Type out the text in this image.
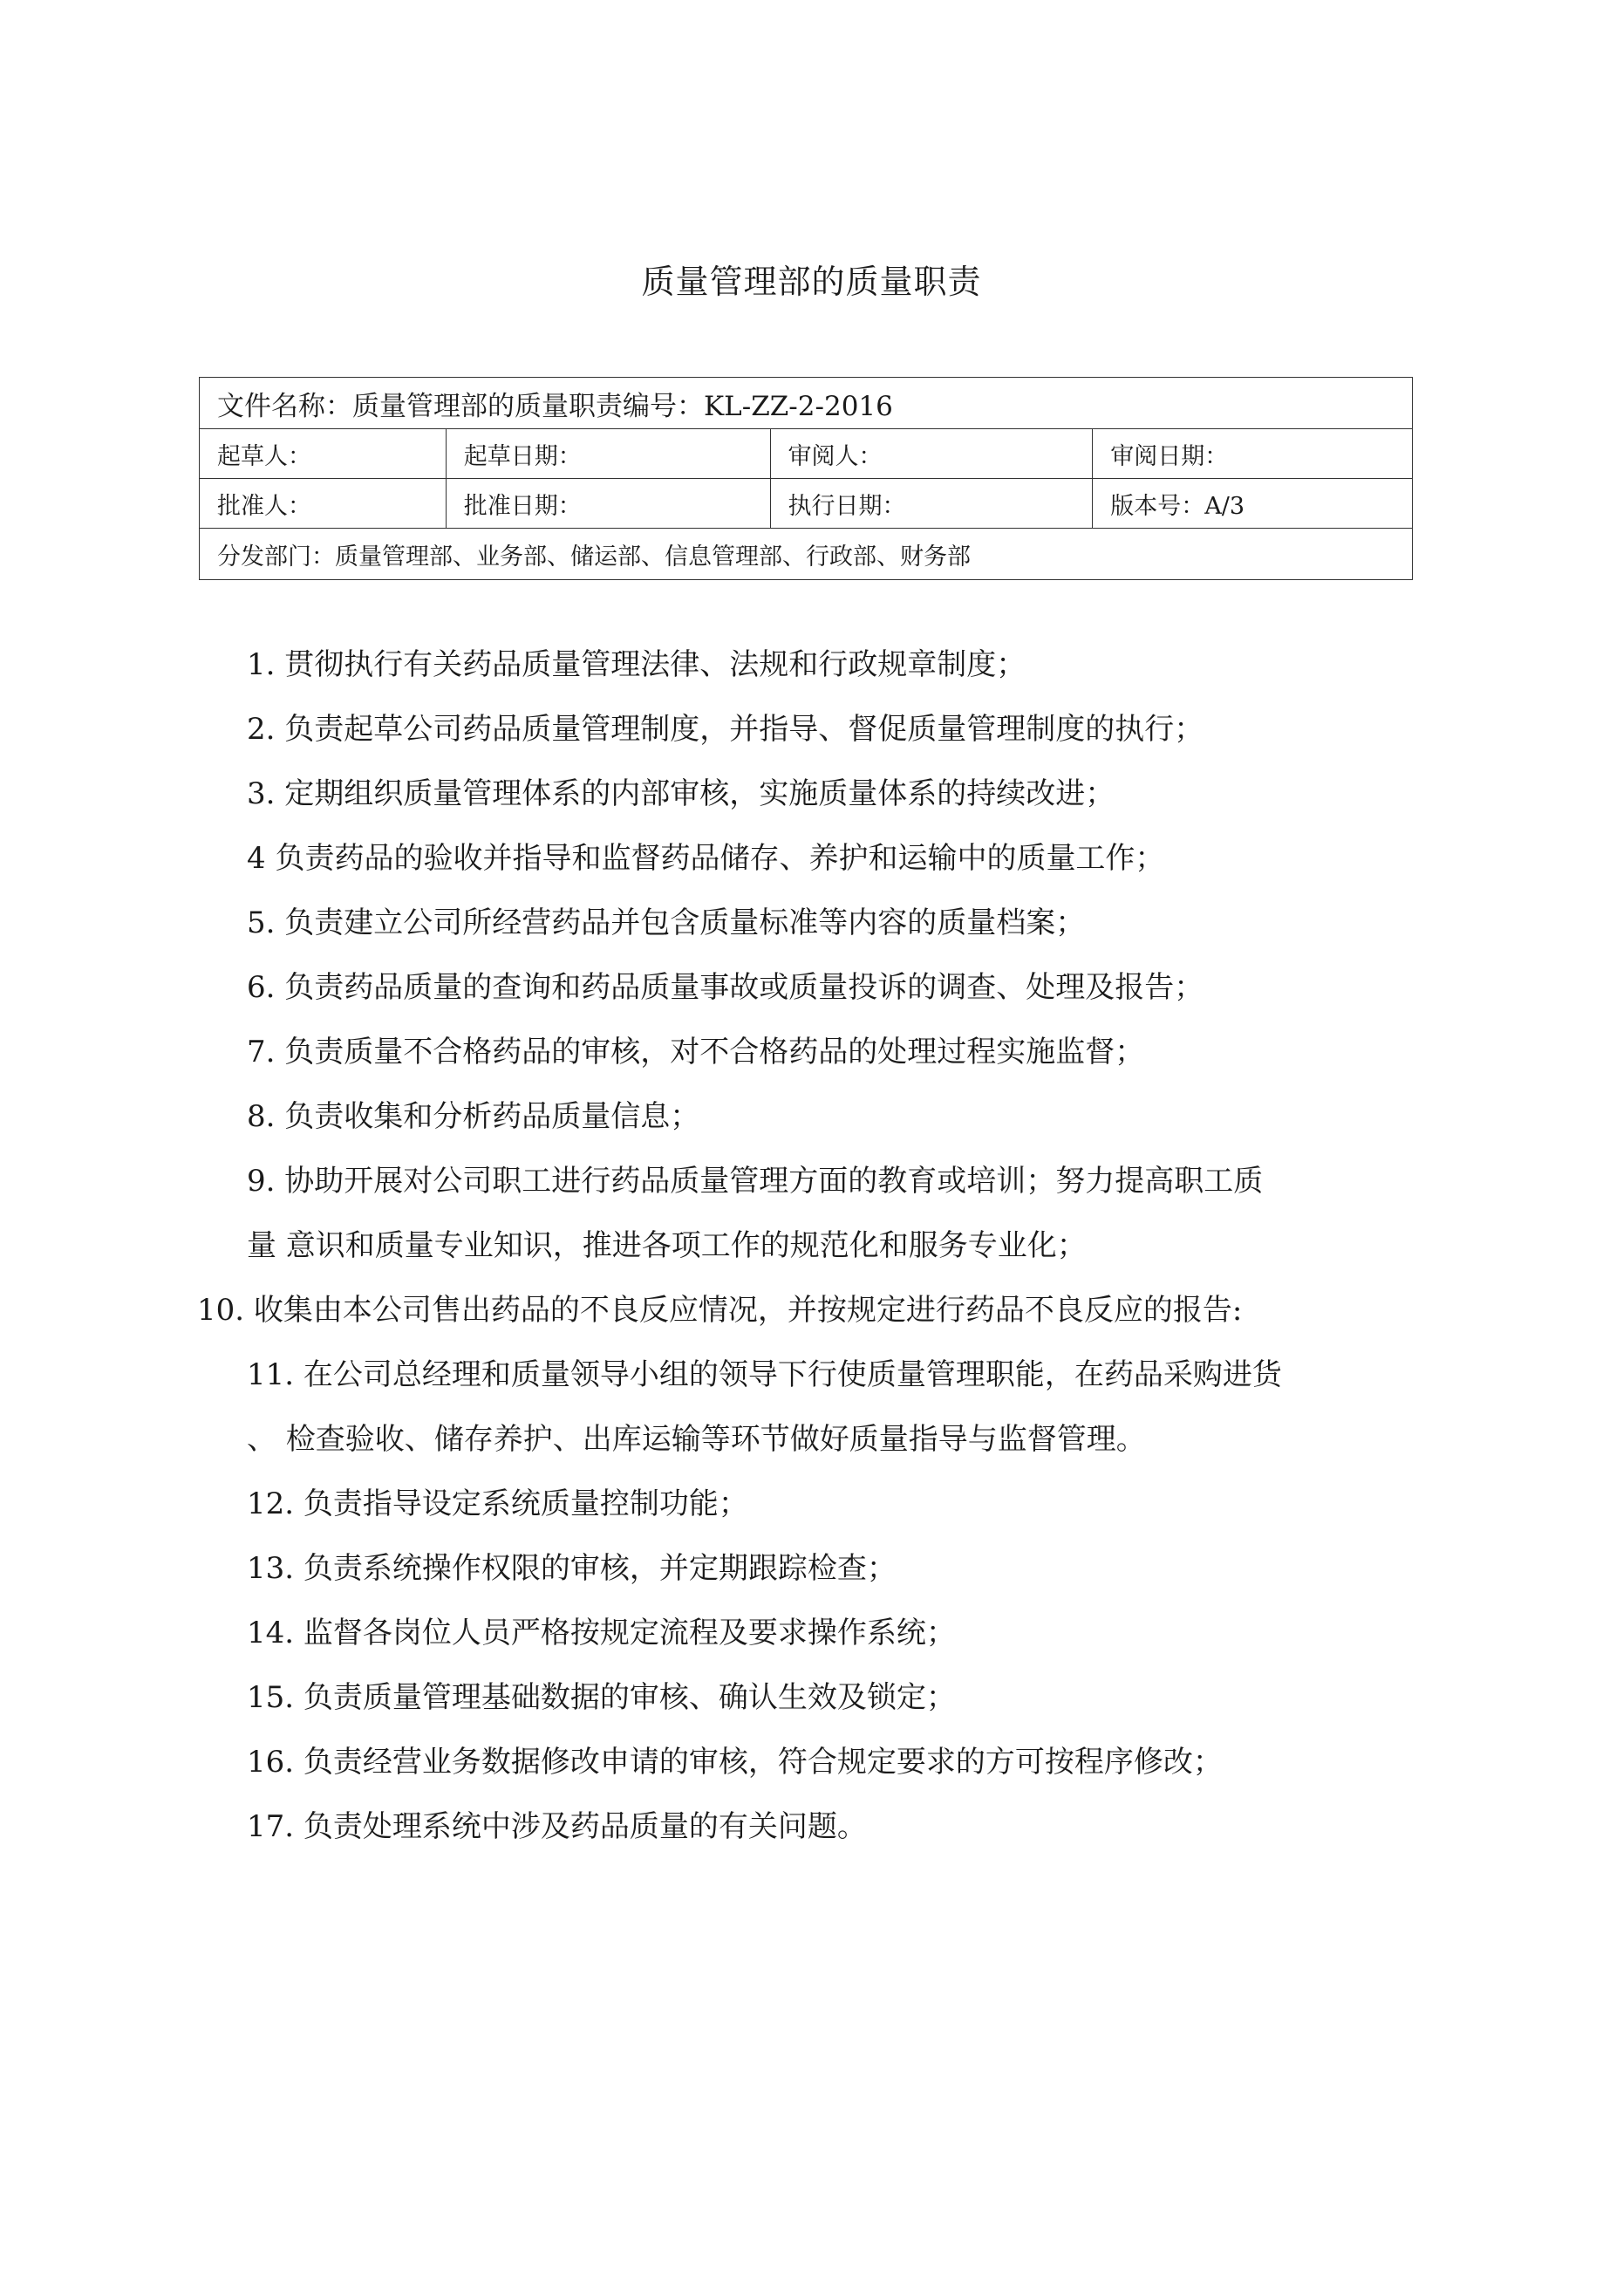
质量管理部的质量职责
文件名称：质量管理部的质量职责编号：KL-ZZ-2-2016			
起草人：	起草日期：	审阅人：	审阅日期：
批准人：	批准日期：	执行日期：	版本号：A/3
分发部门：质量管理部、业务部、储运部、信息管理部、行政部、财务部			
1. 贯彻执行有关药品质量管理法律、法规和行政规章制度；
2. 负责起草公司药品质量管理制度，并指导、督促质量管理制度的执行；
3. 定期组织质量管理体系的内部审核，实施质量体系的持续改进；
4 负责药品的验收并指导和监督药品储存、养护和运输中的质量工作；
5. 负责建立公司所经营药品并包含质量标准等内容的质量档案；
6. 负责药品质量的查询和药品质量事故或质量投诉的调查、处理及报告；
7. 负责质量不合格药品的审核，对不合格药品的处理过程实施监督；
8. 负责收集和分析药品质量信息；
9. 协助开展对公司职工进行药品质量管理方面的教育或培训；努力提高职工质
量 意识和质量专业知识，推进各项工作的规范化和服务专业化；
10. 收集由本公司售出药品的不良反应情况，并按规定进行药品不良反应的报告:
11. 在公司总经理和质量领导小组的领导下行使质量管理职能，在药品采购进货
、 检查验收、储存养护、出库运输等环节做好质量指导与监督管理。
12. 负责指导设定系统质量控制功能；
13. 负责系统操作权限的审核，并定期跟踪检查；
14. 监督各岗位人员严格按规定流程及要求操作系统；
15. 负责质量管理基础数据的审核、确认生效及锁定；
16. 负责经营业务数据修改申请的审核，符合规定要求的方可按程序修改；
17. 负责处理系统中涉及药品质量的有关问题。
